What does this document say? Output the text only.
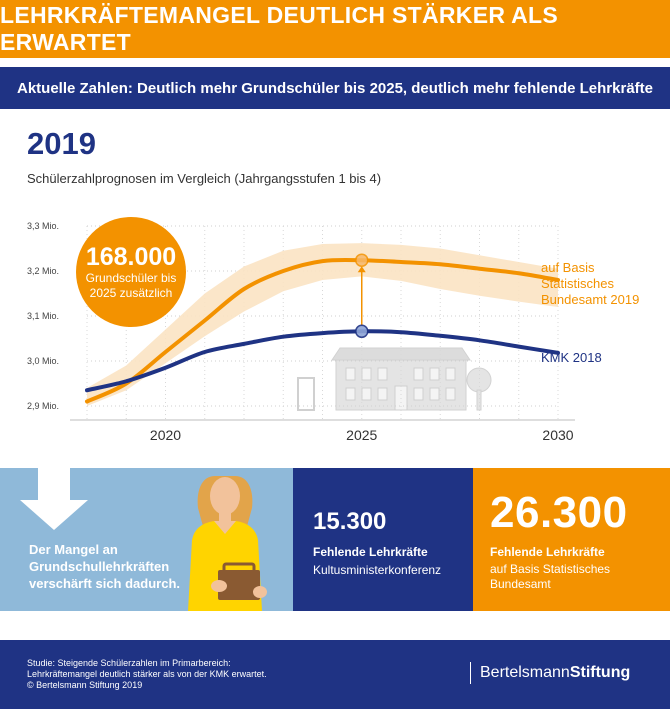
LEHRKRÄFTEMANGEL DEUTLICH STÄRKER ALS ERWARTET
Aktuelle Zahlen: Deutlich mehr Grundschüler bis 2025, deutlich mehr fehlende Lehrkräfte
2019
Schülerzahlprognosen im Vergleich (Jahrgangsstufen 1 bis 4)
2,9 Mio.
3,0 Mio.
3,1 Mio.
3,2 Mio.
3,3 Mio.
2020	2025	2030
168.000
Grundschüler bis
2025 zusätzlich
auf Basis
Statistisches
Bundesamt 2019
KMK 2018
Der Mangel an
Grundschullehrkräften
verschärft sich dadurch.
15.300
Fehlende Lehrkräfte
Kultusministerkonferenz
26.300
Fehlende Lehrkräfte
auf Basis Statistisches Bundesamt
Studie: Steigende Schülerzahlen im Primarbereich:
Lehrkräftemangel deutlich stärker als von der KMK erwartet.
© Bertelsmann Stiftung 2019
Bertelsmann Stiftung
